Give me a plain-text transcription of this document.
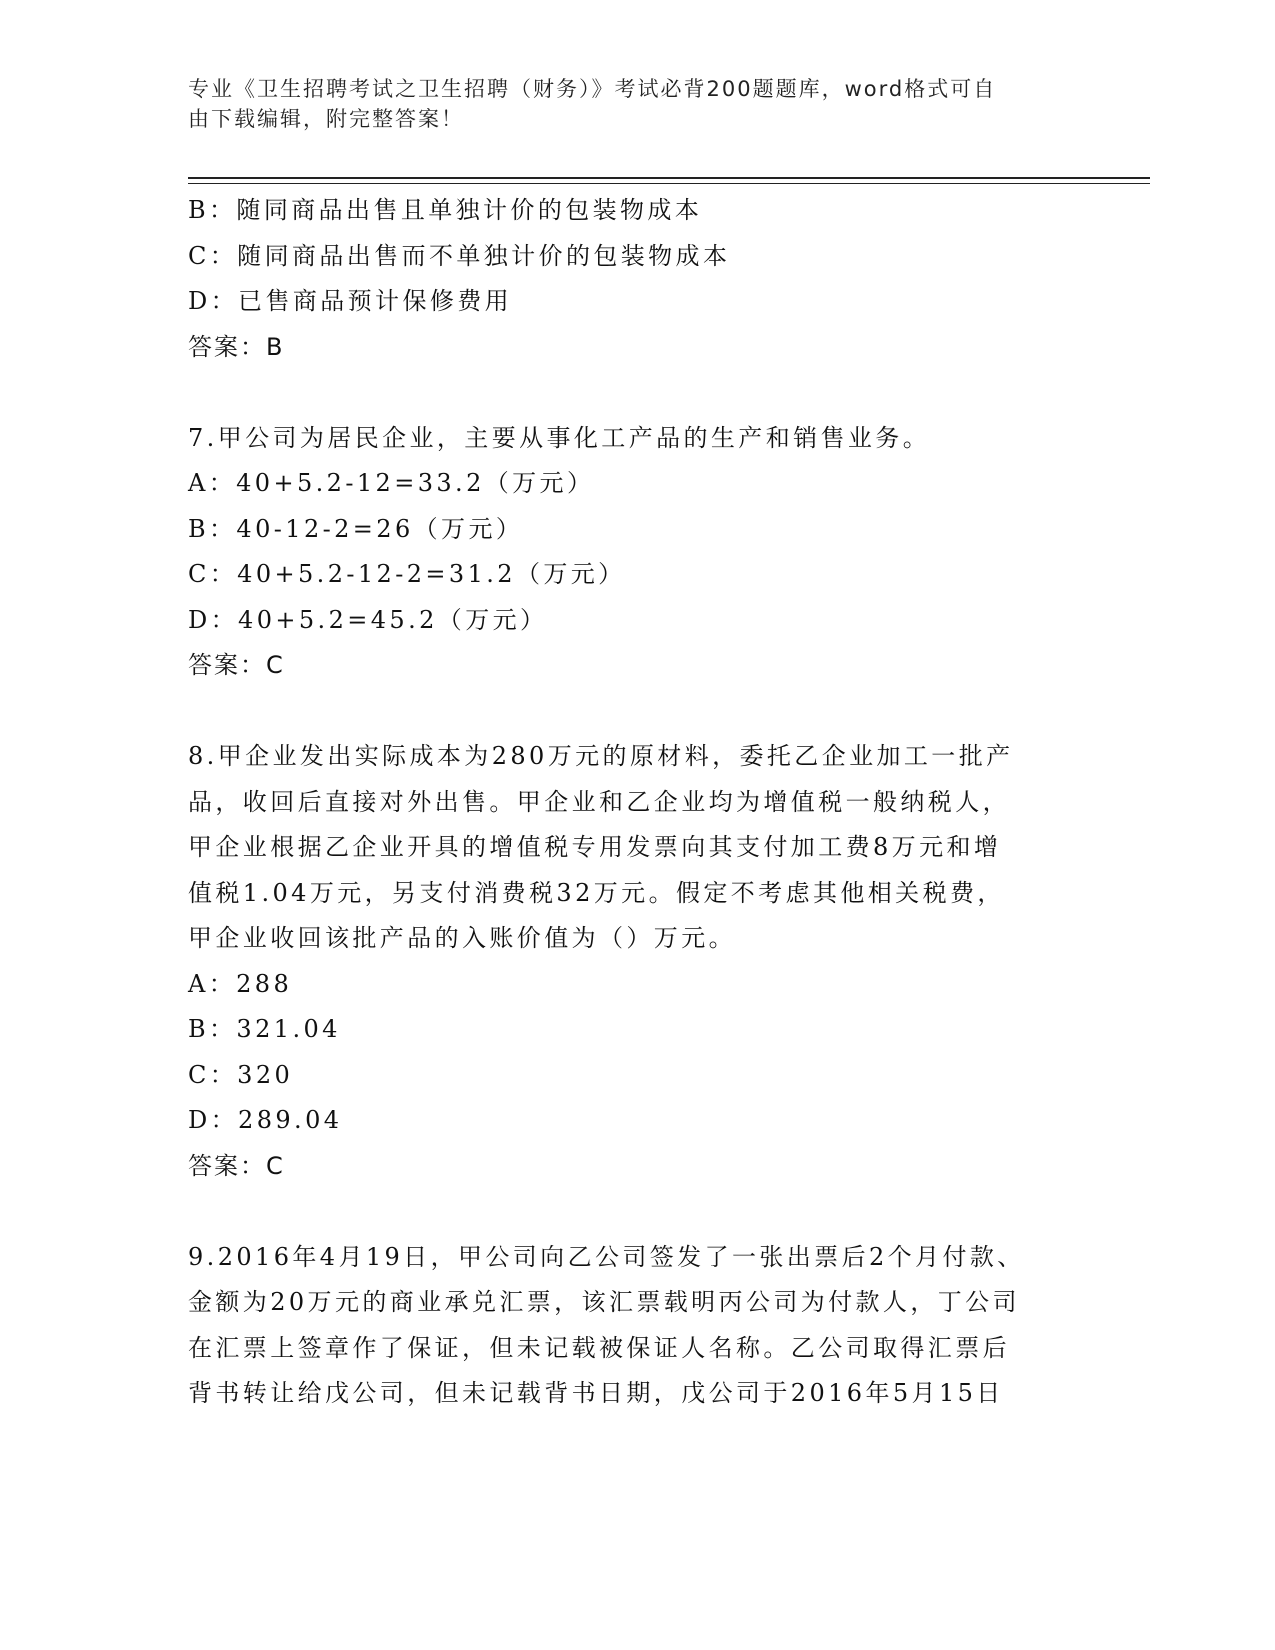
专业《卫生招聘考试之卫生招聘（财务）》考试必背200题题库，word格式可自
由下载编辑，附完整答案！
B：随同商品出售且单独计价的包装物成本
C：随同商品出售而不单独计价的包装物成本
D：已售商品预计保修费用
答案：B
7.甲公司为居民企业，主要从事化工产品的生产和销售业务。
A：40+5.2-12=33.2（万元）
B：40-12-2=26（万元）
C：40+5.2-12-2=31.2（万元）
D：40+5.2=45.2（万元）
答案：C
8.甲企业发出实际成本为280万元的原材料，委托乙企业加工一批产
品，收回后直接对外出售。甲企业和乙企业均为增值税一般纳税人，
甲企业根据乙企业开具的增值税专用发票向其支付加工费8万元和增
值税1.04万元，另支付消费税32万元。假定不考虑其他相关税费，
甲企业收回该批产品的入账价值为（）万元。
A：288
B：321.04
C：320
D：289.04
答案：C
9.2016年4月19日，甲公司向乙公司签发了一张出票后2个月付款、
金额为20万元的商业承兑汇票，该汇票载明丙公司为付款人，丁公司
在汇票上签章作了保证，但未记载被保证人名称。乙公司取得汇票后
背书转让给戊公司，但未记载背书日期，戊公司于2016年5月15日
